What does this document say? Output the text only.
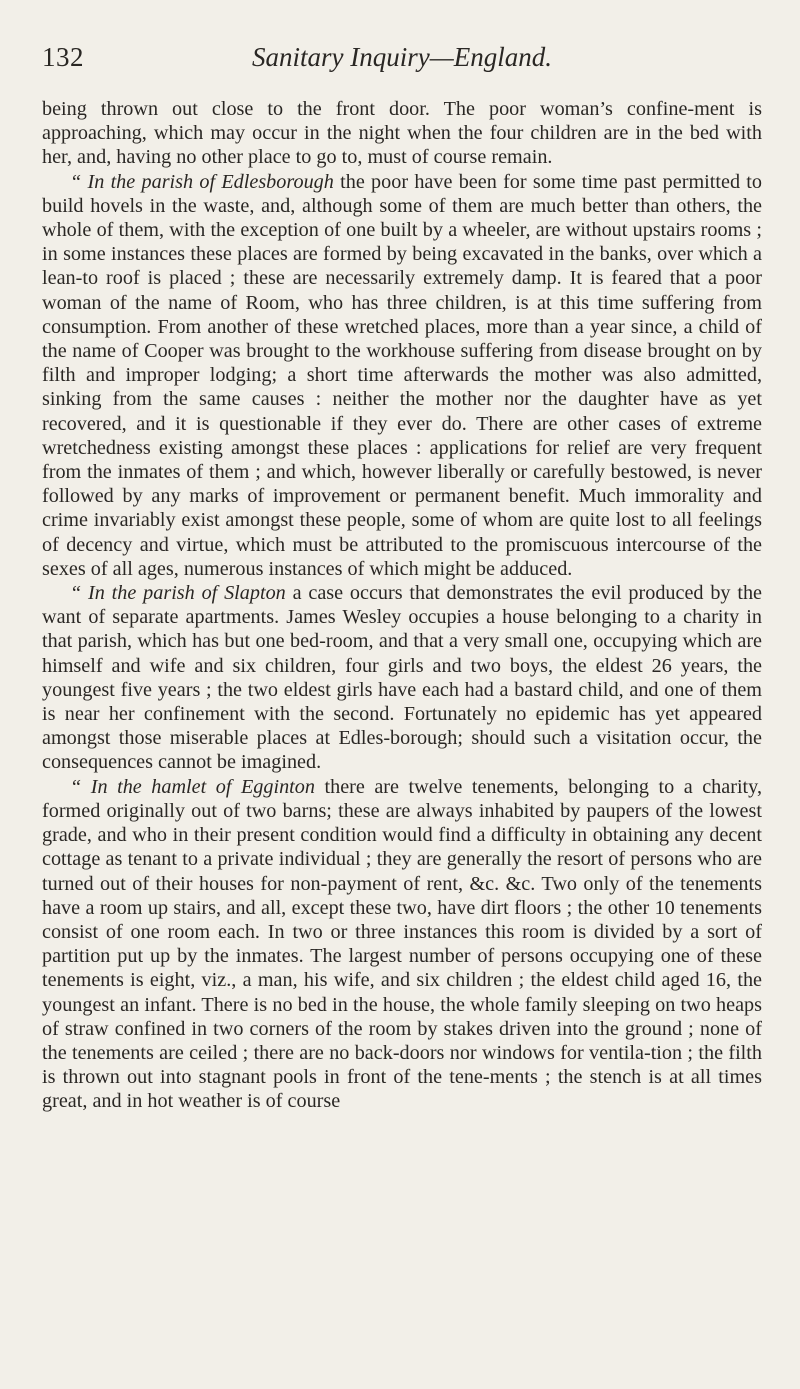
132	Sanitary Inquiry—England.

being thrown out close to the front door. The poor woman’s confine-ment is approaching, which may occur in the night when the four children are in the bed with her, and, having no other place to go to, must of course remain.

“ In the parish of Edlesborough the poor have been for some time past permitted to build hovels in the waste, and, although some of them are much better than others, the whole of them, with the exception of one built by a wheeler, are without upstairs rooms ; in some instances these places are formed by being excavated in the banks, over which a lean-to roof is placed ; these are necessarily extremely damp. It is feared that a poor woman of the name of Room, who has three children, is at this time suffering from consumption. From another of these wretched places, more than a year since, a child of the name of Cooper was brought to the workhouse suffering from disease brought on by filth and improper lodging; a short time afterwards the mother was also admitted, sinking from the same causes : neither the mother nor the daughter have as yet recovered, and it is questionable if they ever do. There are other cases of extreme wretchedness existing amongst these places : applications for relief are very frequent from the inmates of them ; and which, however liberally or carefully bestowed, is never followed by any marks of improvement or permanent benefit. Much immorality and crime invariably exist amongst these people, some of whom are quite lost to all feelings of decency and virtue, which must be attributed to the promiscuous intercourse of the sexes of all ages, numerous instances of which might be adduced.

“ In the parish of Slapton a case occurs that demonstrates the evil produced by the want of separate apartments. James Wesley occupies a house belonging to a charity in that parish, which has but one bed-room, and that a very small one, occupying which are himself and wife and six children, four girls and two boys, the eldest 26 years, the youngest five years ; the two eldest girls have each had a bastard child, and one of them is near her confinement with the second. Fortunately no epidemic has yet appeared amongst those miserable places at Edles-borough; should such a visitation occur, the consequences cannot be imagined.

“ In the hamlet of Egginton there are twelve tenements, belonging to a charity, formed originally out of two barns; these are always inhabited by paupers of the lowest grade, and who in their present condition would find a difficulty in obtaining any decent cottage as tenant to a private individual ; they are generally the resort of persons who are turned out of their houses for non-payment of rent, &c. &c. Two only of the tenements have a room up stairs, and all, except these two, have dirt floors ; the other 10 tenements consist of one room each. In two or three instances this room is divided by a sort of partition put up by the inmates. The largest number of persons occupying one of these tenements is eight, viz., a man, his wife, and six children ; the eldest child aged 16, the youngest an infant. There is no bed in the house, the whole family sleeping on two heaps of straw confined in two corners of the room by stakes driven into the ground ; none of the tenements are ceiled ; there are no back-doors nor windows for ventila-tion ; the filth is thrown out into stagnant pools in front of the tene-ments ; the stench is at all times great, and in hot weather is of course
